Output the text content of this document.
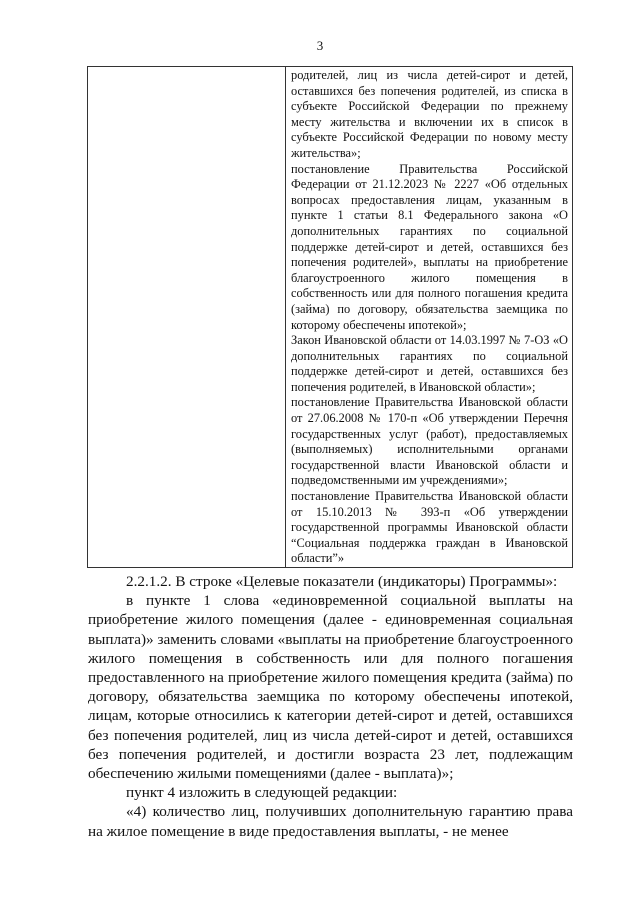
3

родителей, лиц из числа детей-сирот и детей, оставшихся без попечения родителей, из списка в субъекте Российской Федерации по прежнему месту жительства и включении их в список в субъекте Российской Федерации по новому месту жительства»;

постановление Правительства Российской Федерации от 21.12.2023 № 2227 «Об отдельных вопросах предоставления лицам, указанным в пункте 1 статьи 8.1 Федерального закона «О дополнительных гарантиях по социальной поддержке детей-сирот и детей, оставшихся без попечения родителей», выплаты на приобретение благоустроенного жилого помещения в собственность или для полного погашения кредита (займа) по договору, обязательства заемщика по которому обеспечены ипотекой»;

Закон Ивановской области от 14.03.1997 № 7-ОЗ «О дополнительных гарантиях по социальной поддержке детей-сирот и детей, оставшихся без попечения родителей, в Ивановской области»;

постановление Правительства Ивановской области от 27.06.2008 № 170-п «Об утверждении Перечня государственных услуг (работ), предоставляемых (выполняемых) исполнительными органами государственной власти Ивановской области и подведомственными им учреждениями»;

постановление Правительства Ивановской области от 15.10.2013 № 393-п «Об утверждении государственной программы Ивановской области “Социальная поддержка граждан в Ивановской области”»

2.2.1.2. В строке «Целевые показатели (индикаторы) Программы»:

в пункте 1 слова «единовременной социальной выплаты на приобретение жилого помещения (далее - единовременная социальная выплата)» заменить словами «выплаты на приобретение благоустроенного жилого помещения в собственность или для полного погашения предоставленного на приобретение жилого помещения кредита (займа) по договору, обязательства заемщика по которому обеспечены ипотекой, лицам, которые относились к категории детей-сирот и детей, оставшихся без попечения родителей, лиц из числа детей-сирот и детей, оставшихся без попечения родителей, и достигли возраста 23 лет, подлежащим обеспечению жилыми помещениями (далее - выплата)»;

пункт 4 изложить в следующей редакции:

«4) количество лиц, получивших дополнительную гарантию права на жилое помещение в виде предоставления выплаты, - не менее
